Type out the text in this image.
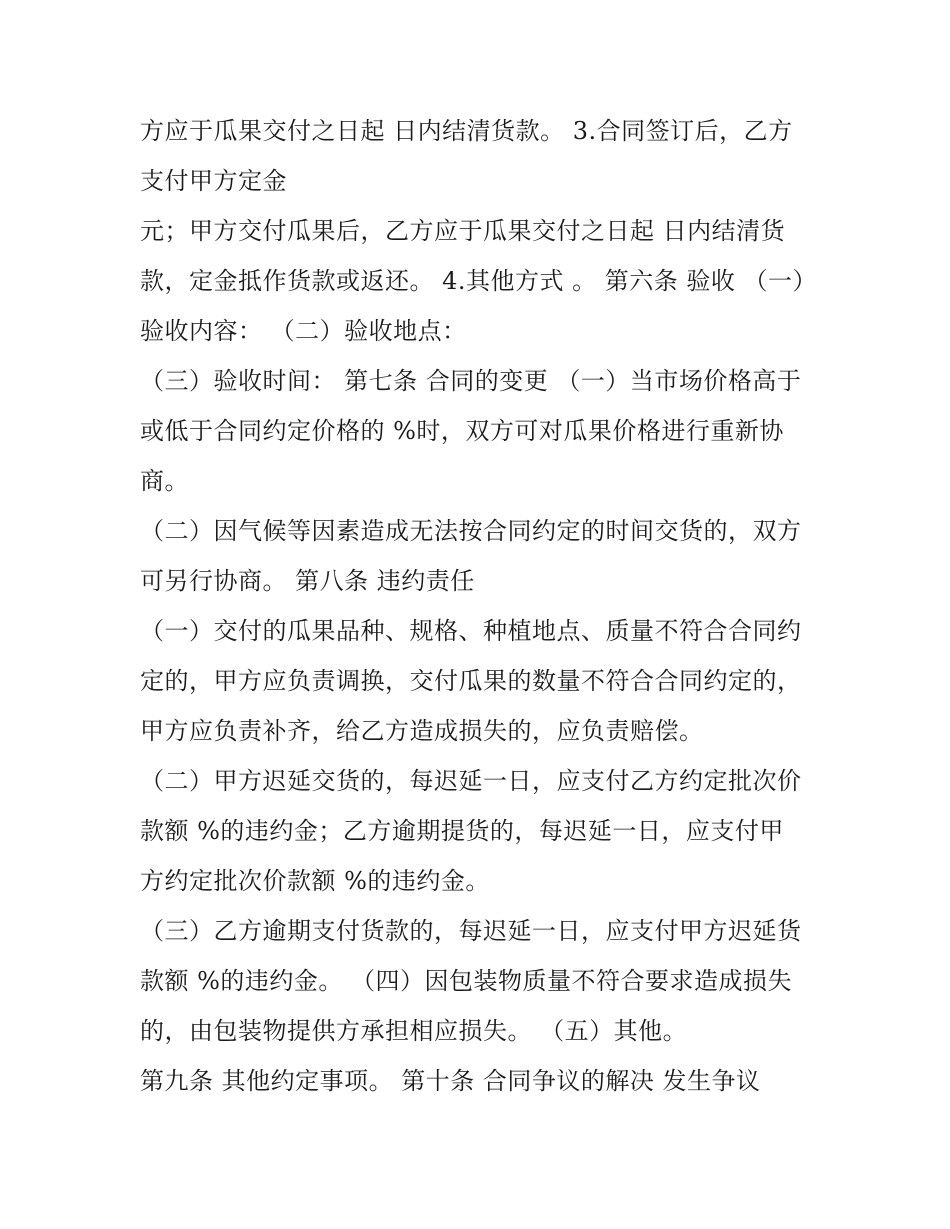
方应于瓜果交付之日起 日内结清货款。 3.合同签订后，乙方
支付甲方定金
元；甲方交付瓜果后，乙方应于瓜果交付之日起 日内结清货
款，定金抵作货款或返还。 4.其他方式 。 第六条 验收 （一）
验收内容： （二）验收地点：
（三）验收时间： 第七条 合同的变更 （一）当市场价格高于
或低于合同约定价格的 %时，双方可对瓜果价格进行重新协
商。
（二）因气候等因素造成无法按合同约定的时间交货的，双方
可另行协商。 第八条 违约责任
（一）交付的瓜果品种、规格、种植地点、质量不符合合同约
定的，甲方应负责调换，交付瓜果的数量不符合合同约定的，
甲方应负责补齐，给乙方造成损失的，应负责赔偿。
（二）甲方迟延交货的，每迟延一日，应支付乙方约定批次价
款额 %的违约金；乙方逾期提货的，每迟延一日，应支付甲
方约定批次价款额 %的违约金。
（三）乙方逾期支付货款的，每迟延一日，应支付甲方迟延货
款额 %的违约金。 （四）因包装物质量不符合要求造成损失
的，由包装物提供方承担相应损失。 （五）其他。
第九条 其他约定事项。 第十条 合同争议的解决 发生争议
